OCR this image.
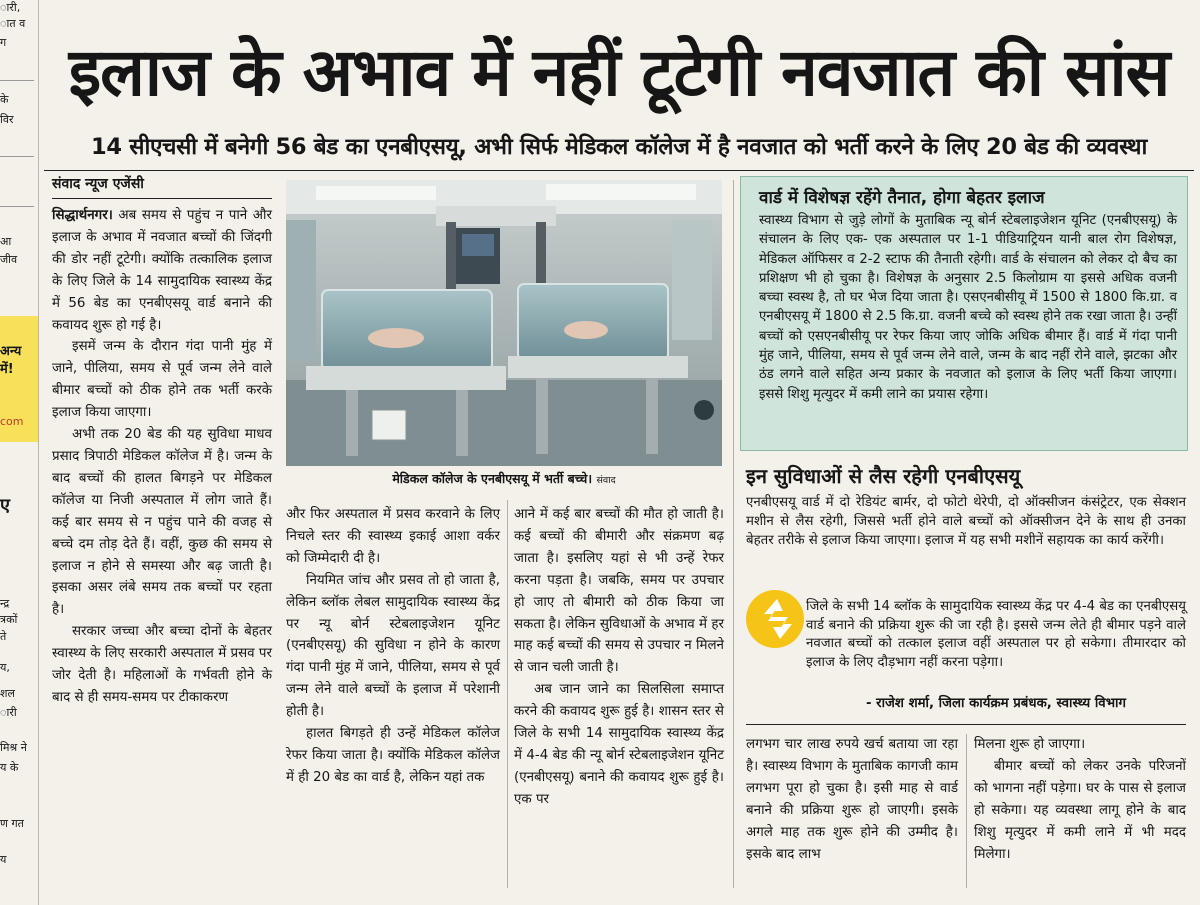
ारी,
ात व
ग
के
विर
आ
जीव
अन्य
में!
com
ए
न्द्र
त्रकों
ते
य,
शल
ारी
मिश्र ने
य के
ण गत
य
इलाज के अभाव में नहीं टूटेगी नवजात की सांस
14 सीएचसी में बनेगी 56 बेड का एनबीएसयू, अभी सिर्फ मेडिकल कॉलेज में है नवजात को भर्ती करने के लिए 20 बेड की व्यवस्था
संवाद न्यूज एजेंसी

सिद्धार्थनगर। अब समय से पहुंच न पाने और इलाज के अभाव में नवजात बच्चों की जिंदगी की डोर नहीं टूटेगी। क्योंकि तत्कालिक इलाज के लिए जिले के 14 सामुदायिक स्वास्थ्य केंद्र में 56 बेड का एनबीएसयू वार्ड बनाने की कवायद शुरू हो गई है।

इसमें जन्म के दौरान गंदा पानी मुंह में जाने, पीलिया, समय से पूर्व जन्म लेने वाले बीमार बच्चों को ठीक होने तक भर्ती करके इलाज किया जाएगा।

अभी तक 20 बेड की यह सुविधा माधव प्रसाद त्रिपाठी मेडिकल कॉलेज में है। जन्म के बाद बच्चों की हालत बिगड़ने पर मेडिकल कॉलेज या निजी अस्पताल में लोग जाते हैं। कई बार समय से न पहुंच पाने की वजह से बच्चे दम तोड़ देते हैं। वहीं, कुछ की समय से इलाज न होने से समस्या और बढ़ जाती है। इसका असर लंबे समय तक बच्चों पर रहता है।

सरकार जच्चा और बच्चा दोनों के बेहतर स्वास्थ्य के लिए सरकारी अस्पताल में प्रसव पर जोर देती है। महिलाओं के गर्भवती होने के बाद से ही समय-समय पर टीकाकरण

मेडिकल कॉलेज के एनबीएसयू में भर्ती बच्चे। संवाद

और फिर अस्पताल में प्रसव करवाने के लिए निचले स्तर की स्वास्थ्य इकाई आशा वर्कर को जिम्मेदारी दी है।

नियमित जांच और प्रसव तो हो जाता है, लेकिन ब्लॉक लेबल सामुदायिक स्वास्थ्य केंद्र पर न्यू बोर्न स्टेबलाइजेशन यूनिट (एनबीएसयू) की सुविधा न होने के कारण गंदा पानी मुंह में जाने, पीलिया, समय से पूर्व जन्म लेने वाले बच्चों के इलाज में परेशानी होती है।

हालत बिगड़ते ही उन्हें मेडिकल कॉलेज रेफर किया जाता है। क्योंकि मेडिकल कॉलेज में ही 20 बेड का वार्ड है, लेकिन यहां तक

आने में कई बार बच्चों की मौत हो जाती है। कई बच्चों की बीमारी और संक्रमण बढ़ जाता है। इसलिए यहां से भी उन्हें रेफर करना पड़ता है। जबकि, समय पर उपचार हो जाए तो बीमारी को ठीक किया जा सकता है। लेकिन सुविधाओं के अभाव में हर माह कई बच्चों की समय से उपचार न मिलने से जान चली जाती है।

अब जान जाने का सिलसिला समाप्त करने की कवायद शुरू हुई है। शासन स्तर से जिले के सभी 14 सामुदायिक स्वास्थ्य केंद्र में 4-4 बेड की न्यू बोर्न स्टेबलाइजेशन यूनिट (एनबीएसयू) बनाने की कवायद शुरू हुई है। एक पर

वार्ड में विशेषज्ञ रहेंगे तैनात, होगा बेहतर इलाज
स्वास्थ्य विभाग से जुड़े लोगों के मुताबिक न्यू बोर्न स्टेबलाइजेशन यूनिट (एनबीएसयू) के संचालन के लिए एक- एक अस्पताल पर 1-1 पीडियाट्रियन यानी बाल रोग विशेषज्ञ, मेडिकल ऑफिसर व 2-2 स्टाफ की तैनाती रहेगी। वार्ड के संचालन को लेकर दो बैच का प्रशिक्षण भी हो चुका है। विशेषज्ञ के अनुसार 2.5 किलोग्राम या इससे अधिक वजनी बच्चा स्वस्थ है, तो घर भेज दिया जाता है। एसएनबीसीयू में 1500 से 1800 कि.ग्रा. व एनबीएसयू में 1800 से 2.5 कि.ग्रा. वजनी बच्चे को स्वस्थ होने तक रखा जाता है। उन्हीं बच्चों को एसएनबीसीयू पर रेफर किया जाए जोकि अधिक बीमार हैं। वार्ड में गंदा पानी मुंह जाने, पीलिया, समय से पूर्व जन्म लेने वाले, जन्म के बाद नहीं रोने वाले, झटका और ठंड लगने वाले सहित अन्य प्रकार के नवजात को इलाज के लिए भर्ती किया जाएगा। इससे शिशु मृत्युदर में कमी लाने का प्रयास रहेगा।
इन सुविधाओं से लैस रहेगी एनबीएसयू
एनबीएसयू वार्ड में दो रेडियंट बार्मर, दो फोटो थेरेपी, दो ऑक्सीजन कंसंट्रेटर, एक सेक्शन मशीन से लैस रहेगी, जिससे भर्ती होने वाले बच्चों को ऑक्सीजन देने के साथ ही उनका बेहतर तरीके से इलाज किया जाएगा। इलाज में यह सभी मशीनें सहायक का कार्य करेंगी।
जिले के सभी 14 ब्लॉक के सामुदायिक स्वास्थ्य केंद्र पर 4-4 बेड का एनबीएसयू वार्ड बनाने की प्रक्रिया शुरू की जा रही है। इससे जन्म लेते ही बीमार पड़ने वाले नवजात बच्चों को तत्काल इलाज वहीं अस्पताल पर हो सकेगा। तीमारदार को इलाज के लिए दौड़भाग नहीं करना पड़ेगा।
- राजेश शर्मा, जिला कार्यक्रम प्रबंधक, स्वास्थ्य विभाग

लगभग चार लाख रुपये खर्च बताया जा रहा है। स्वास्थ्य विभाग के मुताबिक कागजी काम लगभग पूरा हो चुका है। इसी माह से वार्ड बनाने की प्रक्रिया शुरू हो जाएगी। इसके अगले माह तक शुरू होने की उम्मीद है। इसके बाद लाभ

मिलना शुरू हो जाएगा।

बीमार बच्चों को लेकर उनके परिजनों को भागना नहीं पड़ेगा। घर के पास से इलाज हो सकेगा। यह व्यवस्था लागू होने के बाद शिशु मृत्युदर में कमी लाने में भी मदद मिलेगा।
